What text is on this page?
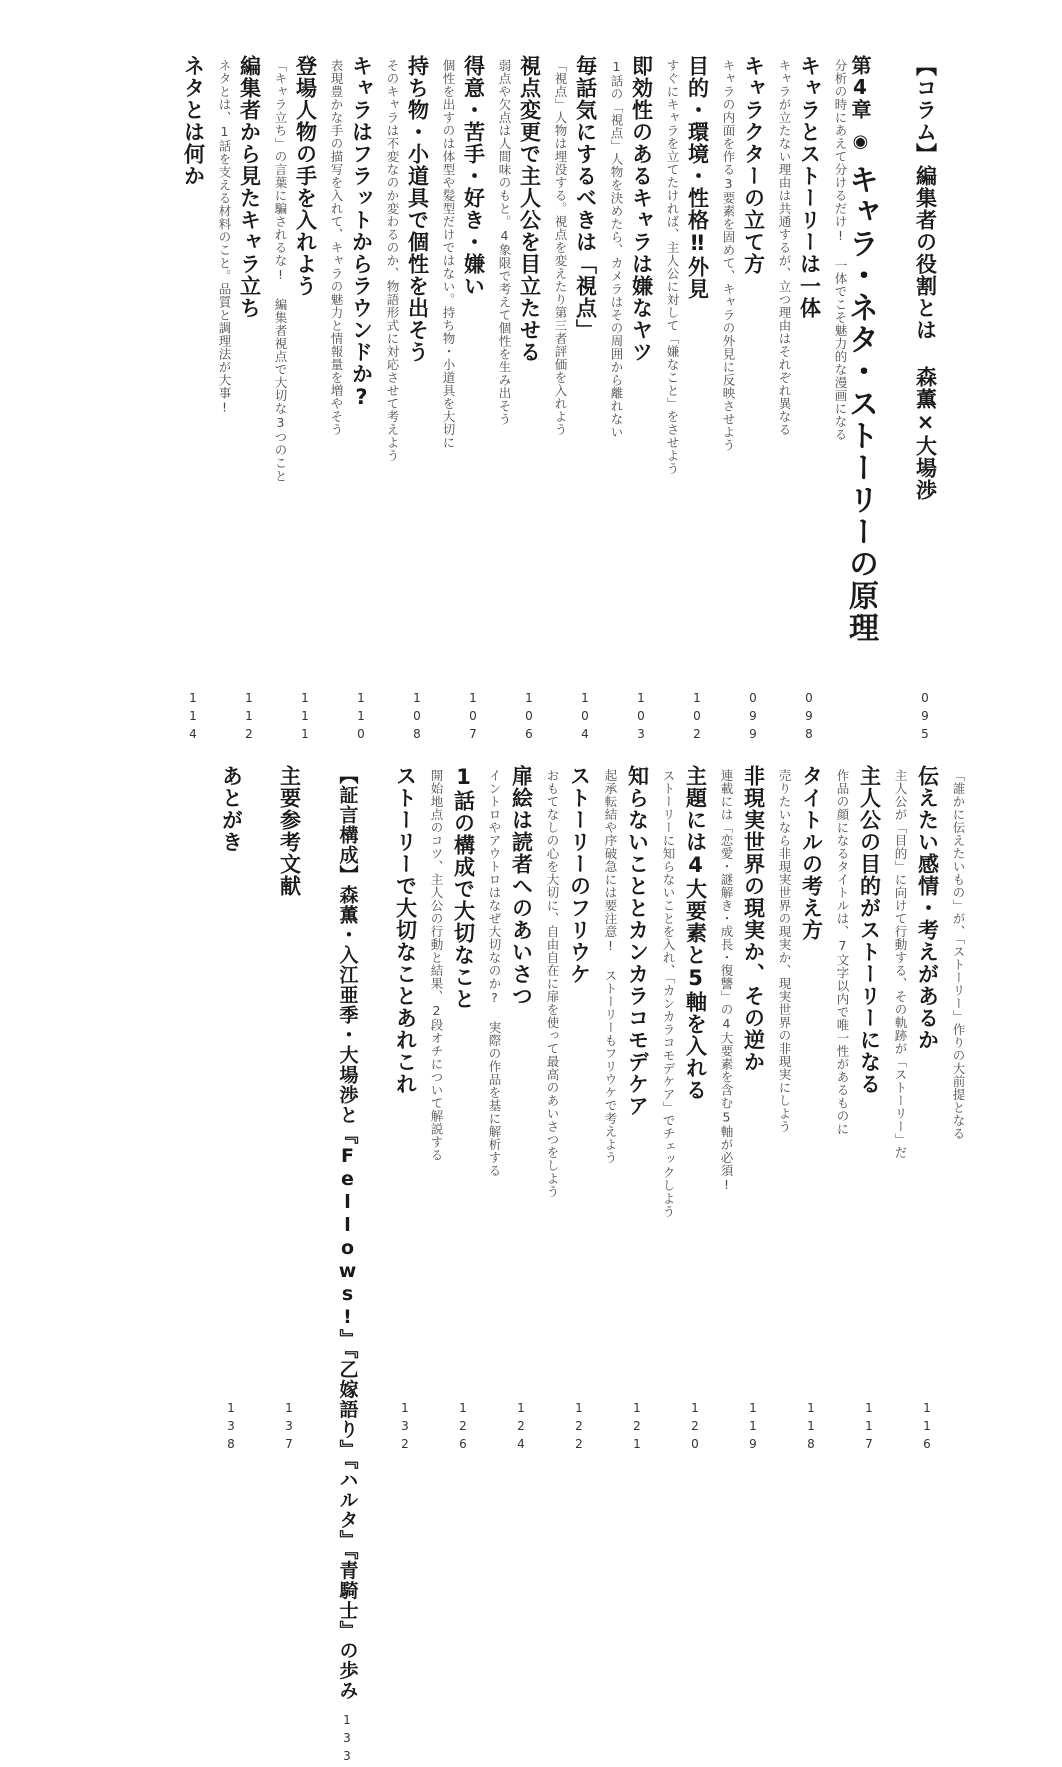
【コラム】編集者の役割とは 森薫×大場渉
095
第4章◉キャラ・ネタ・ストーリーの原理
キャラとストーリーは一体
098
分析の時にあえて分けるだけ! 一体でこそ魅力的な漫画になる
キャラクターの立て方
099
キャラが立たない理由は共通するが、立つ理由はそれぞれ異なる
目的・環境・性格‼外見
102
キャラの内面を作る3要素を固めて、キャラの外見に反映させよう
即効性のあるキャラは嫌なヤツ
103
すぐにキャラを立てたければ、主人公に対して「嫌なこと」をさせよう
毎話気にするべきは「視点」
104
1話の「視点」人物を決めたら、カメラはその周囲から離れない
視点変更で主人公を目立たせる
106
「視点」人物は埋没する。視点を変えたり第三者評価を入れよう
得意・苦手・好き・嫌い
107
弱点や欠点は人間味のもと。4象限で考えて個性を生み出そう
持ち物・小道具で個性を出そう
108
個性を出すのは体型や髪型だけではない。持ち物・小道具を大切に
キャラはフラットからラウンドか?
110
そのキャラは不変なのか変わるのか、物語形式に対応させて考えよう
登場人物の手を入れよう
111
表現豊かな手の描写を入れて、キャラの魅力と情報量を増やそう
編集者から見たキャラ立ち
112
「キャラ立ち」の言葉に騙されるな! 編集者視点で大切な3つのこと
ネタとは何か
114
ネタとは、1話を支える材料のこと。品質と調理法が大事!
伝えたい感情・考えがあるか
116
「誰かに伝えたいもの」が、「ストーリー」作りの大前提となる
主人公の目的がストーリーになる
117
主人公が「目的」に向けて行動する、その軌跡が「ストーリー」だ
タイトルの考え方
118
作品の顔になるタイトルは、7文字以内で唯一性があるものに
非現実世界の現実か、その逆か
119
売りたいなら非現実世界の現実か、現実世界の非現実にしよう
主題には4大要素と5軸を入れる
120
連載には「恋愛・謎解き・成長・復讐」の4大要素を含む5軸が必須!
知らないこととカンカラコモデケア
121
ストーリーに知らないことを入れ、「カンカラコモデケア」でチェックしよう
ストーリーのフリウケ
122
起承転結や序破急には要注意! ストーリーもフリウケで考えよう
扉絵は読者へのあいさつ
124
おもてなしの心を大切に、自由自在に扉を使って最高のあいさつをしよう
1話の構成で大切なこと
126
イントロやアウトロはなぜ大切なのか? 実際の作品を基に解析する
ストーリーで大切なことあれこれ
132
開始地点のコツ、主人公の行動と結果、2段オチについて解説する
【証言構成】森薫・入江亜季・大場渉と『Fellows!』『乙嫁語り』『ハルタ』『青騎士』の歩み
133
主要参考文献
137
あとがき
138
